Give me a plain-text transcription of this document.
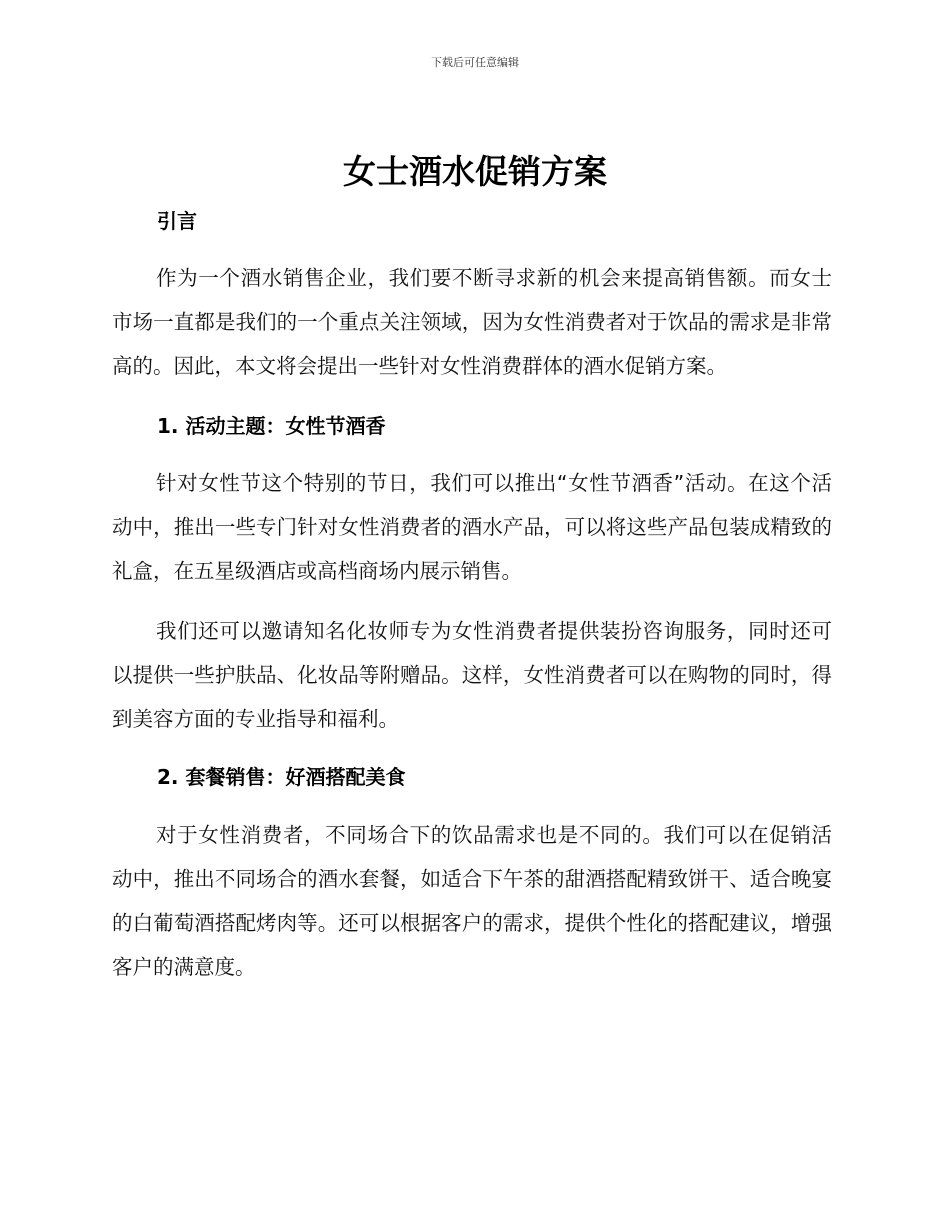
下载后可任意编辑
女士酒水促销方案
引言

作为一个酒水销售企业，我们要不断寻求新的机会来提高销售额。而女士市场一直都是我们的一个重点关注领域，因为女性消费者对于饮品的需求是非常高的。因此，本文将会提出一些针对女性消费群体的酒水促销方案。

1. 活动主题：女性节酒香

针对女性节这个特别的节日，我们可以推出“女性节酒香”活动。在这个活动中，推出一些专门针对女性消费者的酒水产品，可以将这些产品包装成精致的礼盒，在五星级酒店或高档商场内展示销售。

我们还可以邀请知名化妆师专为女性消费者提供装扮咨询服务，同时还可以提供一些护肤品、化妆品等附赠品。这样，女性消费者可以在购物的同时，得到美容方面的专业指导和福利。

2. 套餐销售：好酒搭配美食

对于女性消费者，不同场合下的饮品需求也是不同的。我们可以在促销活动中，推出不同场合的酒水套餐，如适合下午茶的甜酒搭配精致饼干、适合晚宴的白葡萄酒搭配烤肉等。还可以根据客户的需求，提供个性化的搭配建议，增强客户的满意度。
